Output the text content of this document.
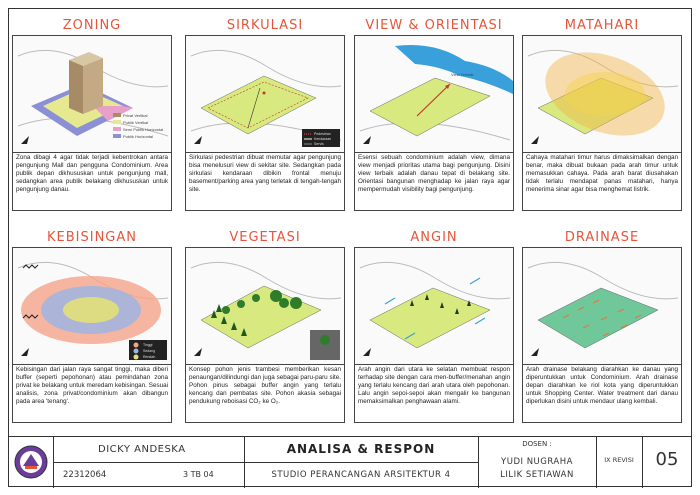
ZONING
Privat Vertikal
Publik Vertikal
Semi Publik Horizontal
Publik Horizontal
Zona dibagi 4 agar tidak terjadi kebentrokan antara pengunjung Mall dan pengguna Condominium. Area publik depan dikhususkan untuk pengunjung mall, sedangkan area publik belakang dikhususkan untuk pengunjung danau.
SIRKULASI
Pedestrian
Kendaraan
Servis
Sirkulasi pedestrian dibuat memutar agar pengunjung bisa menelusuri view di sekitar site. Sedangkan pada sirkulasi kendaraan dibikin frontal menuju basement/parking area yang terletak di tengah-tengah site.
VIEW & ORIENTASI
View Terbaik
Esensi sebuah condominium adalah view, dimana view menjadi prioritas utama bagi pengunjung. Disini view terbaik adalah danau tepat di belakang site. Orientasi bangunan menghadap ke jalan raya agar mempermudah visibility bagi pengunjung.
MATAHARI
Cahaya matahari timur harus dimaksimalkan dengan benar, maka dibuat bukaan pada arah timur untuk memasukkan cahaya. Pada arah barat diusahakan tidak terlalu mendapat panas matahari, hanya menerima sinar agar bisa menghemat listrik.
KEBISINGAN
Tinggi
Sedang
Rendah
Kebisingan dari jalan raya sangat tinggi, maka diberi buffer (seperti pepohonan) atau pemindahan zona privat ke belakang untuk meredam kebisingan. Sesuai analisis, zona privat/condominium akan dibangun pada area 'tenang'.
VEGETASI
Konsep pohon jenis trambesi memberikan kesan penaungan/dilindungi dan juga sebagai paru-paru site. Pohon pinus sebagai buffer angin yang terlalu kencang dan pembatas site. Pohon akasia sebagai pendukung reboisasi CO₂ ke O₂.
ANGIN
Arah angin dari utara ke selatan membuat respon terhadap site dengan cara men-buffer/menahan angin yang terlalu kencang dari arah utara oleh pepohonan. Lalu angin sepoi-sepoi akan mengalir ke bangunan memaksimalkan penghawaan alami.
DRAINASE
Arah drainase belakang diarahkan ke danau yang diperuntukkan untuk Condominium. Arah drainase depan diarahkan ke riol kota yang diperuntukkan untuk Shopping Center. Water treatment dari danau diperlukan disini untuk mendaur ulang kembali.
DICKY ANDESKA
22312064	3 TB 04
ANALISA & RESPON
STUDIO PERANCANGAN ARSITEKTUR 4
DOSEN :
YUDI NUGRAHA
LILIK SETIAWAN
IX REVISI	05
